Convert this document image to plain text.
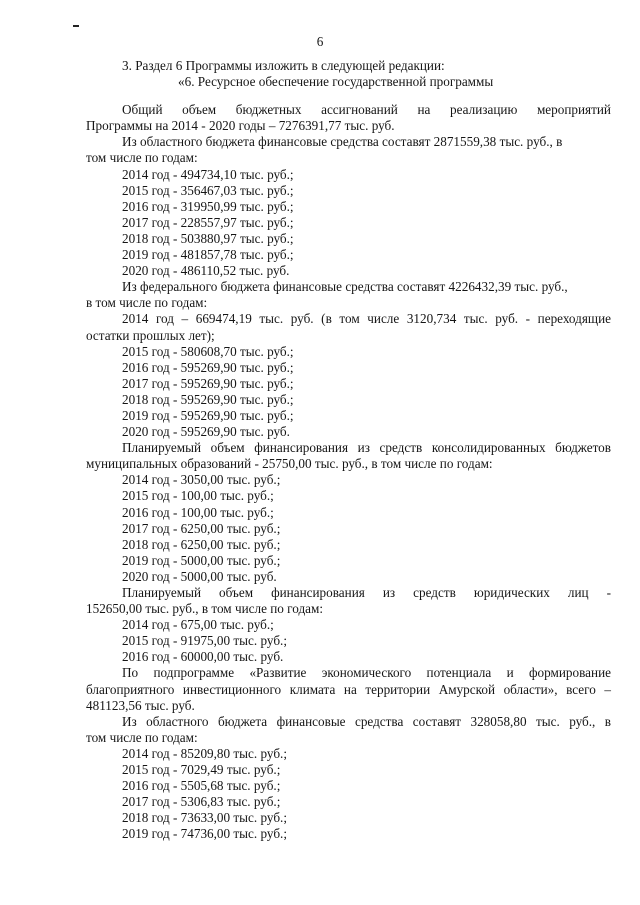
6

3. Раздел 6 Программы изложить в следующей редакции:

«6. Ресурсное обеспечение государственной программы

Общий объем бюджетных ассигнований на реализацию мероприятий

Программы на 2014 - 2020 годы – 7276391,77 тыс. руб.

Из областного бюджета финансовые средства составят 2871559,38 тыс. руб., в

том числе по годам:

2014 год - 494734,10 тыс. руб.;

2015 год - 356467,03 тыс. руб.;

2016 год - 319950,99 тыс. руб.;

2017 год - 228557,97 тыс. руб.;

2018 год - 503880,97 тыс. руб.;

2019 год - 481857,78 тыс. руб.;

2020 год - 486110,52 тыс. руб.

Из федерального бюджета финансовые средства составят 4226432,39 тыс. руб.,

в том числе по годам:

2014 год – 669474,19 тыс. руб. (в том числе 3120,734 тыс. руб. - переходящие

остатки прошлых лет);

2015 год - 580608,70 тыс. руб.;

2016 год - 595269,90 тыс. руб.;

2017 год - 595269,90 тыс. руб.;

2018 год - 595269,90 тыс. руб.;

2019 год - 595269,90 тыс. руб.;

2020 год - 595269,90 тыс. руб.

Планируемый объем финансирования из средств консолидированных бюджетов

муниципальных образований - 25750,00 тыс. руб., в том числе по годам:

2014 год - 3050,00 тыс. руб.;

2015 год - 100,00 тыс. руб.;

2016 год - 100,00 тыс. руб.;

2017 год - 6250,00 тыс. руб.;

2018 год - 6250,00 тыс. руб.;

2019 год - 5000,00 тыс. руб.;

2020 год - 5000,00 тыс. руб.

Планируемый объем финансирования из средств юридических лиц -

152650,00 тыс. руб., в том числе по годам:

2014 год - 675,00 тыс. руб.;

2015 год - 91975,00 тыс. руб.;

2016 год - 60000,00 тыс. руб.

По подпрограмме «Развитие экономического потенциала и формирование

благоприятного инвестиционного климата на территории Амурской области», всего –

481123,56 тыс. руб.

Из областного бюджета финансовые средства составят 328058,80 тыс. руб., в

том числе по годам:

2014 год - 85209,80 тыс. руб.;

2015 год - 7029,49 тыс. руб.;

2016 год - 5505,68 тыс. руб.;

2017 год - 5306,83 тыс. руб.;

2018 год - 73633,00 тыс. руб.;

2019 год - 74736,00 тыс. руб.;
